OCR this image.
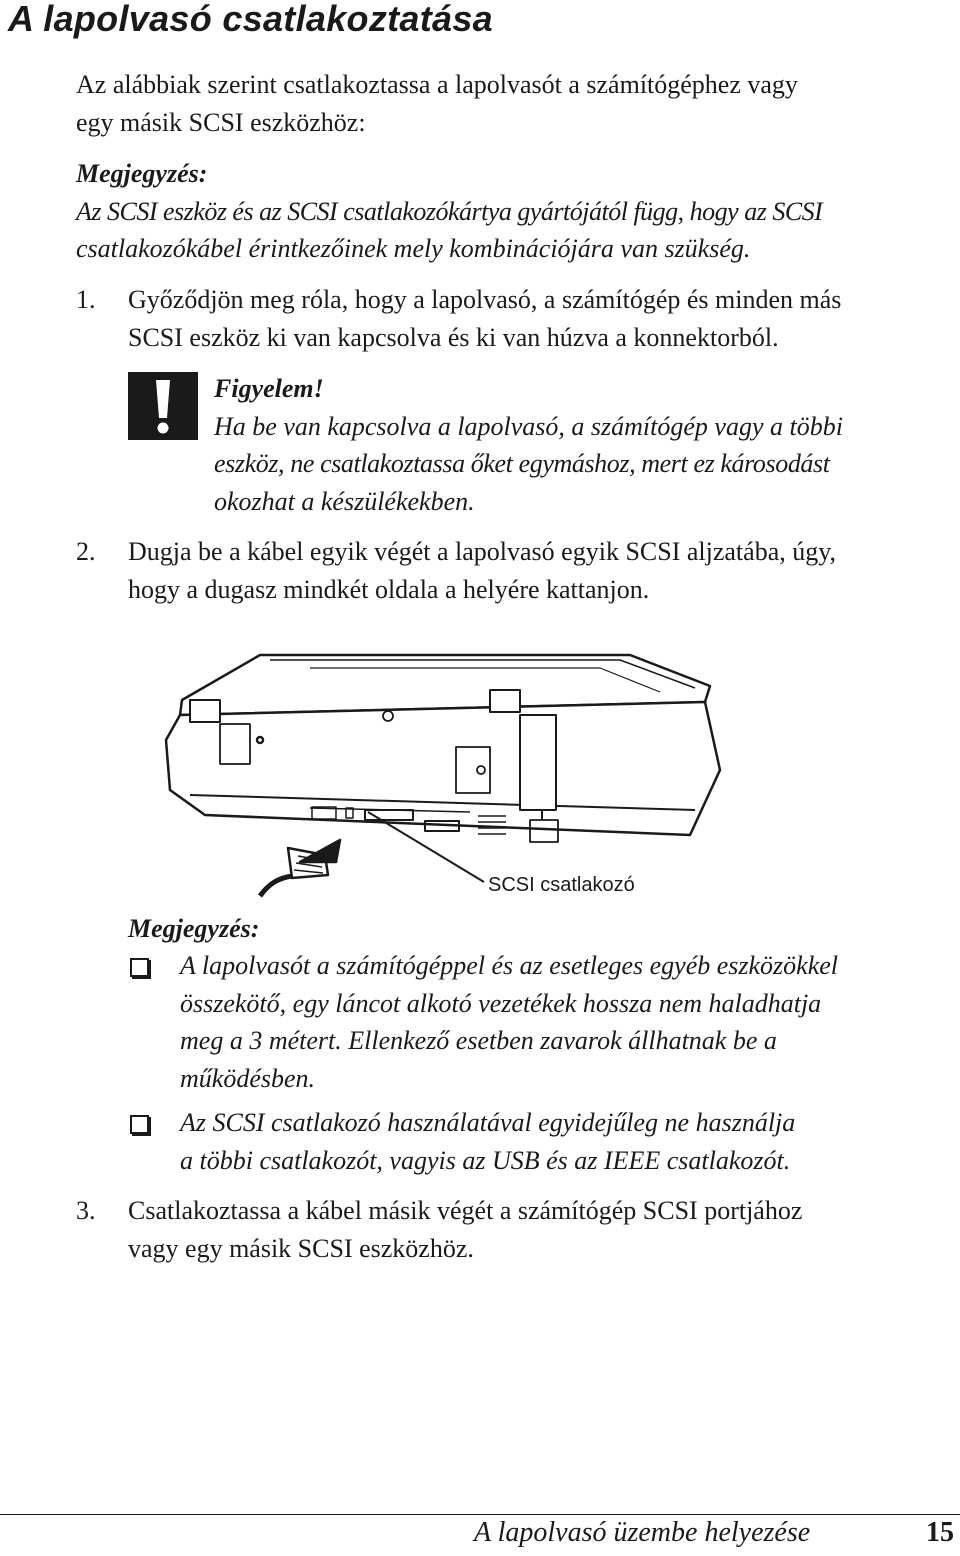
A lapolvasó csatlakoztatása

Az alábbiak szerint csatlakoztassa a lapolvasót a számítógéphez vagy
egy másik SCSI eszközhöz:

Megjegyzés:
Az SCSI eszköz és az SCSI csatlakozókártya gyártójától függ, hogy az SCSI
csatlakozókábel érintkezőinek mely kombinációjára van szükség.

1. Győződjön meg róla, hogy a lapolvasó, a számítógép és minden más
SCSI eszköz ki van kapcsolva és ki van húzva a konnektorból.

Figyelem!
Ha be van kapcsolva a lapolvasó, a számítógép vagy a többi
eszköz, ne csatlakoztassa őket egymáshoz, mert ez károsodást
okozhat a készülékekben.

2. Dugja be a kábel egyik végét a lapolvasó egyik SCSI aljzatába, úgy,
hogy a dugasz mindkét oldala a helyére kattanjon.

SCSI csatlakozó

Megjegyzés:

A lapolvasót a számítógéppel és az esetleges egyéb eszközökkel
összekötő, egy láncot alkotó vezetékek hossza nem haladhatja
meg a 3 métert. Ellenkező esetben zavarok állhatnak be a
működésben.

Az SCSI csatlakozó használatával egyidejűleg ne használja
a többi csatlakozót, vagyis az USB és az IEEE csatlakozót.

3. Csatlakoztassa a kábel másik végét a számítógép SCSI portjához
vagy egy másik SCSI eszközhöz.

A lapolvasó üzembe helyezése	15
